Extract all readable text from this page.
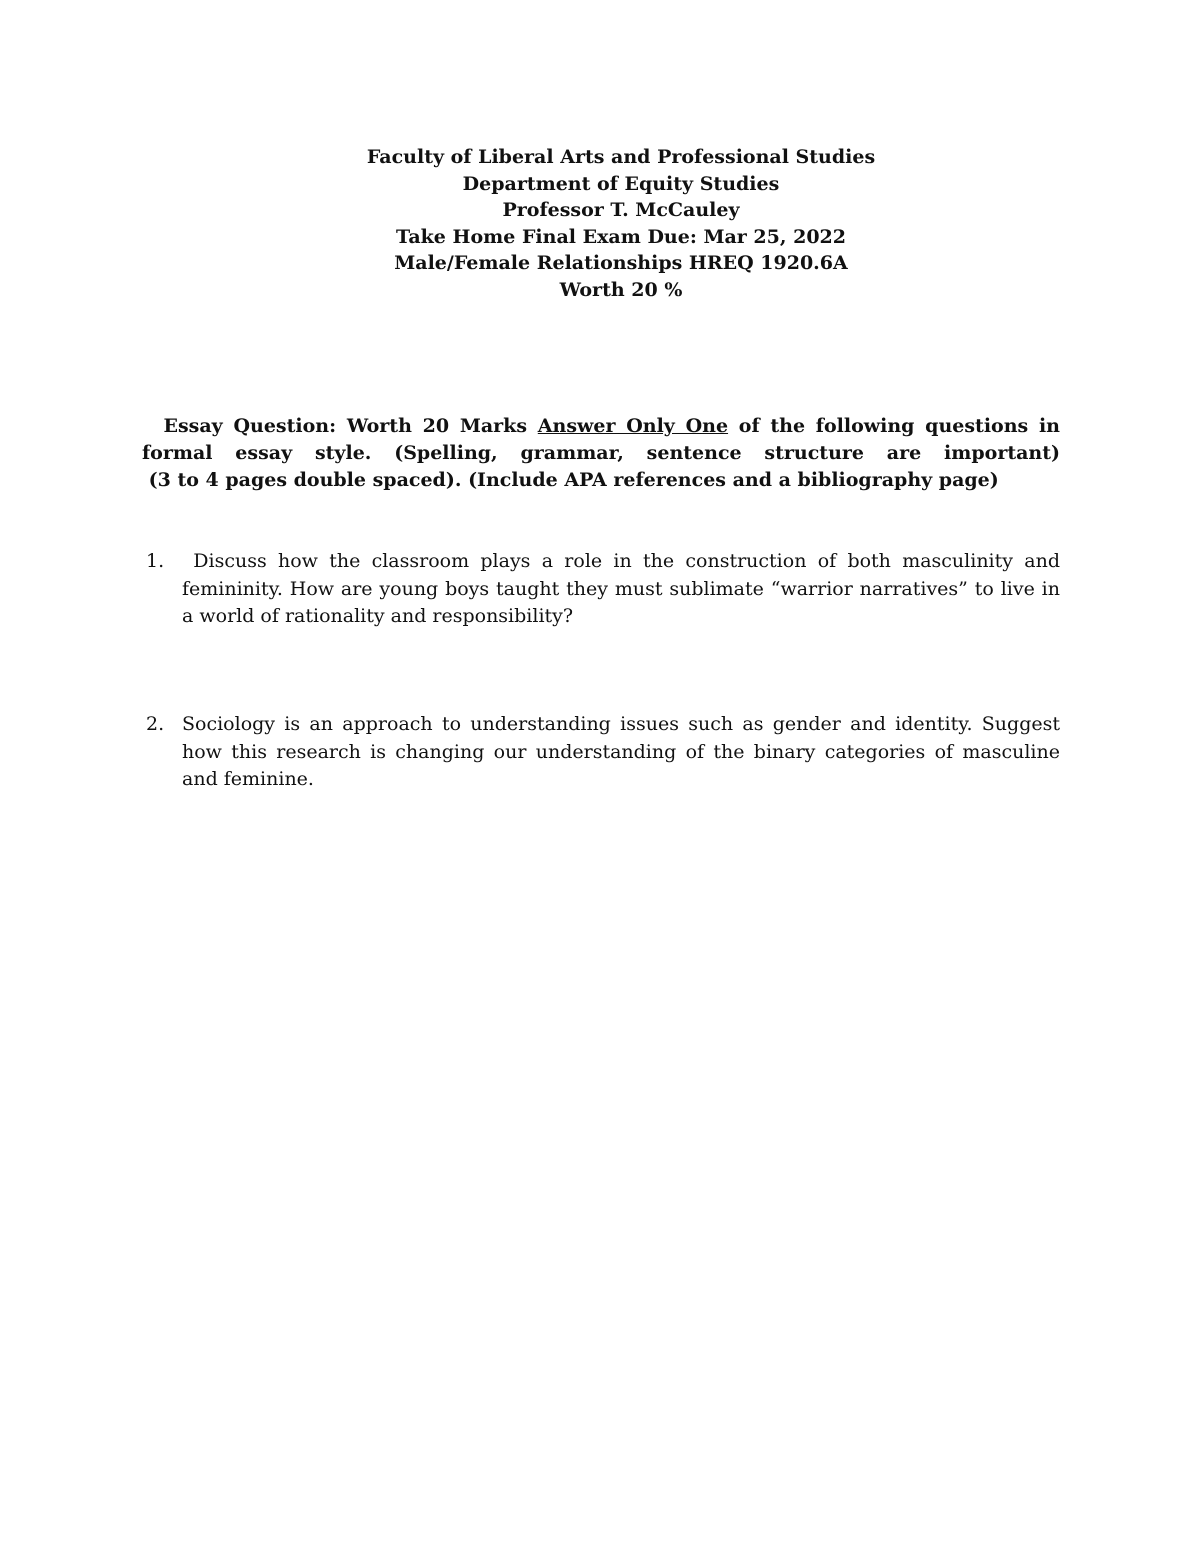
Faculty of Liberal Arts and Professional Studies
Department of Equity Studies
Professor T. McCauley
Take Home Final Exam Due: Mar 25, 2022
Male/Female Relationships HREQ 1920.6A
Worth 20 %
Essay Question: Worth 20 Marks Answer Only One of the following questions in formal essay style. (Spelling, grammar, sentence structure are important)
(3 to 4 pages double spaced). (Include APA references and a bibliography page)
1.	Discuss how the classroom plays a role in the construction of both masculinity and femininity. How are young boys taught they must sublimate “warrior narratives” to live in a world of rationality and responsibility?
2. Sociology is an approach to understanding issues such as gender and identity. Suggest how this research is changing our understanding of the binary categories of masculine and feminine.
